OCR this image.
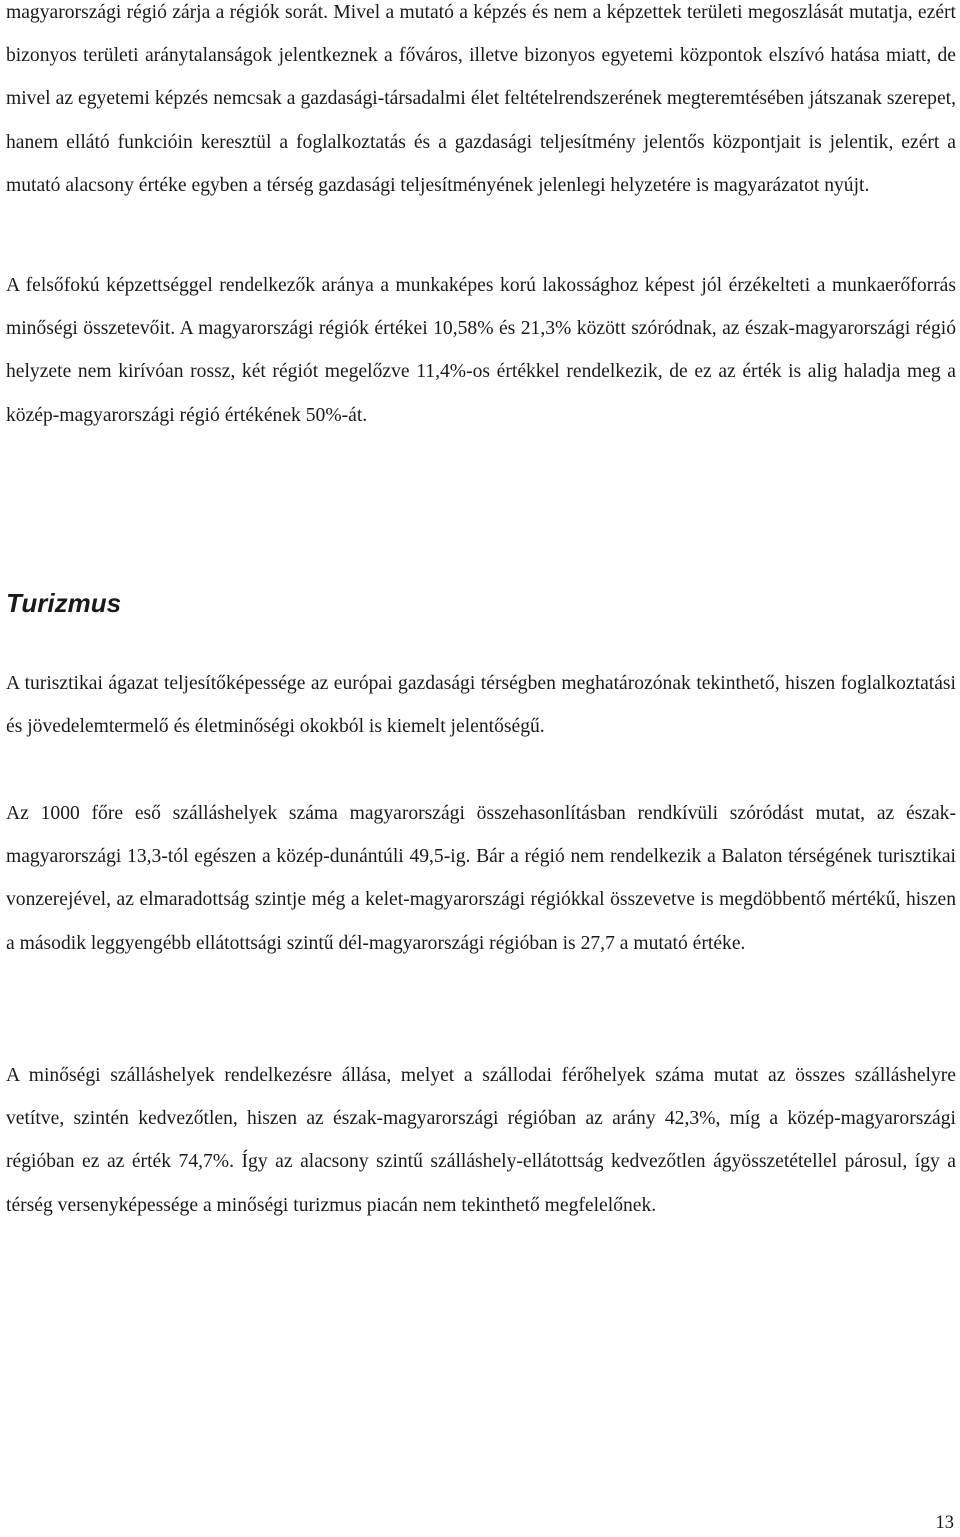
magyarországi régió zárja a régiók sorát. Mivel a mutató a képzés és nem a képzettek területi megoszlását mutatja, ezért bizonyos területi aránytalanságok jelentkeznek a főváros, illetve bizonyos egyetemi központok elszívó hatása miatt, de mivel az egyetemi képzés nemcsak a gazdasági-társadalmi élet feltételrendszerének megteremtésében játszanak szerepet, hanem ellátó funkcióin keresztül a foglalkoztatás és a gazdasági teljesítmény jelentős központjait is jelentik, ezért a mutató alacsony értéke egyben a térség gazdasági teljesítményének jelenlegi helyzetére is magyarázatot nyújt.

A felsőfokú képzettséggel rendelkezők aránya a munkaképes korú lakossághoz képest jól érzékelteti a munkaerőforrás minőségi összetevőit. A magyarországi régiók értékei 10,58% és 21,3% között szóródnak, az észak-magyarországi régió helyzete nem kirívóan rossz, két régiót megelőzve 11,4%-os értékkel rendelkezik, de ez az érték is alig haladja meg a közép-magyarországi régió értékének 50%-át.

Turizmus

A turisztikai ágazat teljesítőképessége az európai gazdasági térségben meghatározónak tekinthető, hiszen foglalkoztatási és jövedelemtermelő és életminőségi okokból is kiemelt jelentőségű.

Az 1000 főre eső szálláshelyek száma magyarországi összehasonlításban rendkívüli szóródást mutat, az észak-magyarországi 13,3-tól egészen a közép-dunántúli 49,5-ig. Bár a régió nem rendelkezik a Balaton térségének turisztikai vonzerejével, az elmaradottság szintje még a kelet-magyarországi régiókkal összevetve is megdöbbentő mértékű, hiszen a második leggyengébb ellátottsági szintű dél-magyarországi régióban is 27,7 a mutató értéke.

A minőségi szálláshelyek rendelkezésre állása, melyet a szállodai férőhelyek száma mutat az összes szálláshelyre vetítve, szintén kedvezőtlen, hiszen az észak-magyarországi régióban az arány 42,3%, míg a közép-magyarországi régióban ez az érték 74,7%. Így az alacsony szintű szálláshely-ellátottság kedvezőtlen ágyösszetétellel párosul, így a térség versenyképessége a minőségi turizmus piacán nem tekinthető megfelelőnek.

13
